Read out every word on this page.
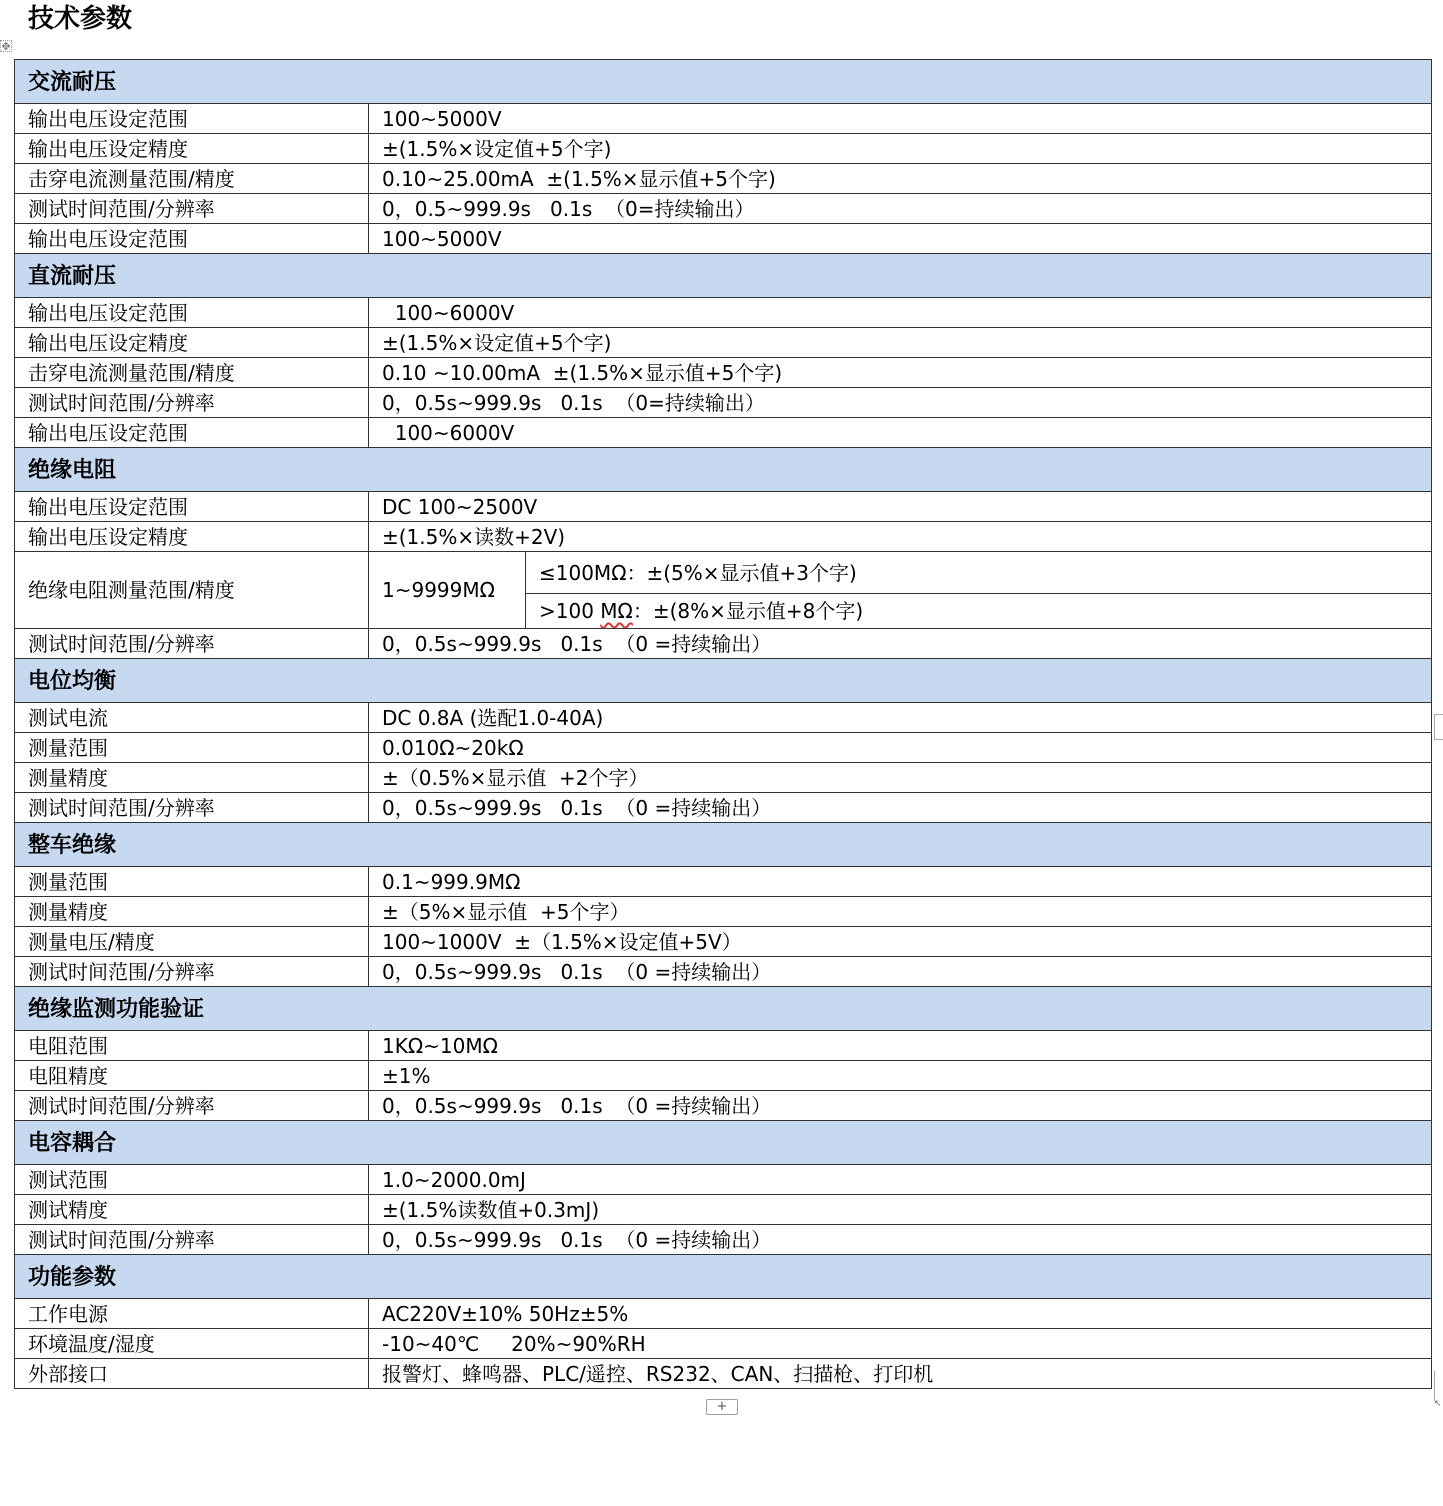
技术参数
✥
交流耐压		
输出电压设定范围	100~5000V	
输出电压设定精度	±(1.5%×设定值+5个字)	
击穿电流测量范围/精度	0.10~25.00mA  ±(1.5%×显示值+5个字)	
测试时间范围/分辨率	0，0.5~999.9s   0.1s  （0=持续输出）	
输出电压设定范围	100~5000V	
直流耐压		
输出电压设定范围	100~6000V	
输出电压设定精度	±(1.5%×设定值+5个字)	
击穿电流测量范围/精度	0.10 ~10.00mA  ±(1.5%×显示值+5个字)	
测试时间范围/分辨率	0，0.5s~999.9s   0.1s  （0=持续输出）	
输出电压设定范围	100~6000V	
绝缘电阻		
输出电压设定范围	DC 100~2500V	
输出电压设定精度	±(1.5%×读数+2V)	
绝缘电阻测量范围/精度	1~9999MΩ	≤100MΩ：±(5%×显示值+3个字)
		>100 MΩ：±(8%×显示值+8个字)
测试时间范围/分辨率	0，0.5s~999.9s   0.1s  （0 =持续输出）	
电位均衡		
测试电流	DC 0.8A (选配1.0-40A)	
测量范围	0.010Ω~20kΩ	
测量精度	±（0.5%×显示值  +2个字）	
测试时间范围/分辨率	0，0.5s~999.9s   0.1s  （0 =持续输出）	
整车绝缘		
测量范围	0.1~999.9MΩ	
测量精度	±（5%×显示值  +5个字）	
测量电压/精度	100~1000V  ±（1.5%×设定值+5V）	
测试时间范围/分辨率	0，0.5s~999.9s   0.1s  （0 =持续输出）	
绝缘监测功能验证		
电阻范围	1KΩ~10MΩ	
电阻精度	±1%	
测试时间范围/分辨率	0，0.5s~999.9s   0.1s  （0 =持续输出）	
电容耦合		
测试范围	1.0~2000.0mJ	
测试精度	±(1.5%读数值+0.3mJ)	
测试时间范围/分辨率	0，0.5s~999.9s   0.1s  （0 =持续输出）	
功能参数		
工作电源	AC220V±10% 50Hz±5%	
环境温度/湿度	-10~40℃     20%~90%RH	
外部接口	报警灯、蜂鸣器、PLC/遥控、RS232、CAN、扫描枪、打印机	
+	↖
